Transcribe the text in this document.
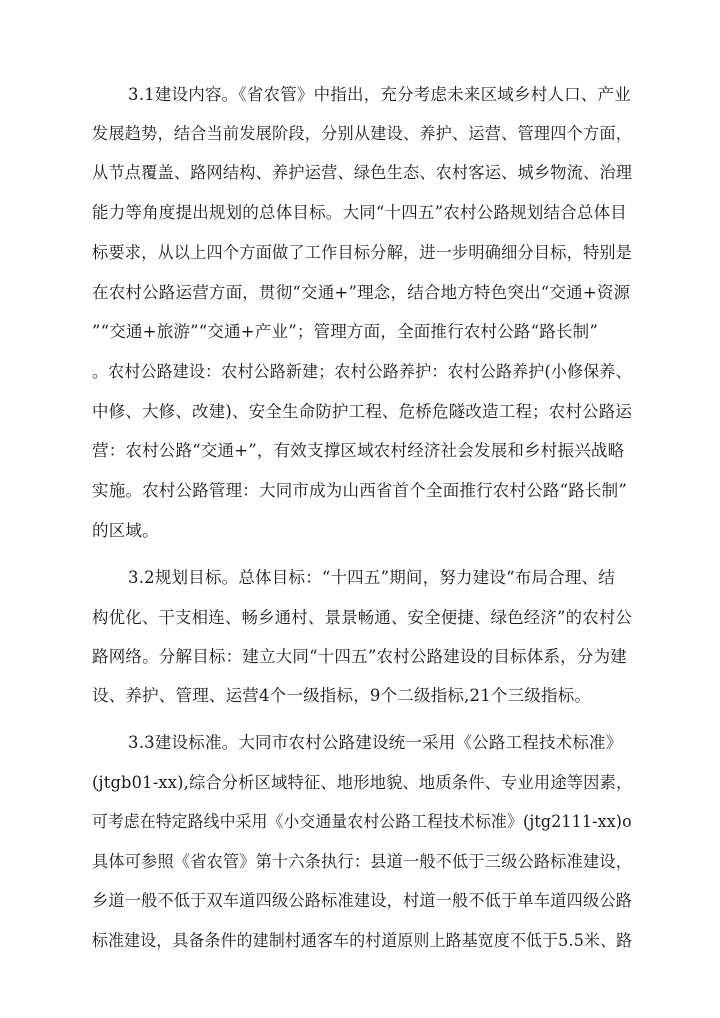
3.1建设内容。《省农管》中指出，充分考虑未来区域乡村人口、产业
发展趋势，结合当前发展阶段，分别从建设、养护、运营、管理四个方面，
从节点覆盖、路网结构、养护运营、绿色生态、农村客运、城乡物流、治理
能力等角度提出规划的总体目标。大同“十四五”农村公路规划结合总体目
标要求，从以上四个方面做了工作目标分解，进一步明确细分目标，特别是
在农村公路运营方面，贯彻“交通+”理念，结合地方特色突出“交通+资源
”“交通+旅游”“交通+产业”；管理方面，全面推行农村公路“路长制”
。农村公路建设：农村公路新建；农村公路养护：农村公路养护(小修保养、
中修、大修、改建)、安全生命防护工程、危桥危隧改造工程；农村公路运
营：农村公路“交通+”，有效支撑区域农村经济社会发展和乡村振兴战略
实施。农村公路管理：大同市成为山西省首个全面推行农村公路“路长制”
的区域。
3.2规划目标。总体目标：“十四五”期间，努力建设“布局合理、结
构优化、干支相连、畅乡通村、景景畅通、安全便捷、绿色经济”的农村公
路网络。分解目标：建立大同“十四五”农村公路建设的目标体系，分为建
设、养护、管理、运营4个一级指标，9个二级指标,21个三级指标。
3.3建设标准。大同市农村公路建设统一采用《公路工程技术标准》
(jtgb01-xx),综合分析区域特征、地形地貌、地质条件、专业用途等因素，
可考虑在特定路线中采用《小交通量农村公路工程技术标准》(jtg2111-xx)o
具体可参照《省农管》第十六条执行：县道一般不低于三级公路标准建设，
乡道一般不低于双车道四级公路标准建设，村道一般不低于单车道四级公路
标准建设，具备条件的建制村通客车的村道原则上路基宽度不低于5.5米、路
